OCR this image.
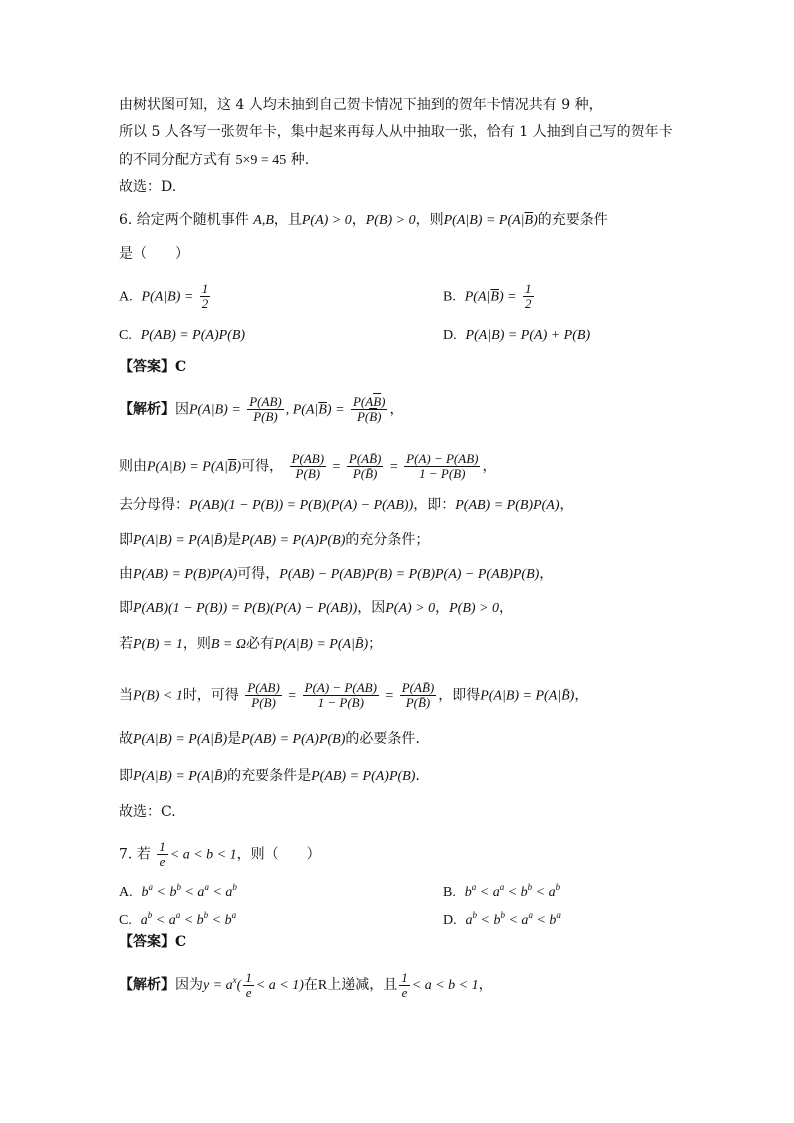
由树状图可知，这 4 人均未抽到自己贺卡情况下抽到的贺年卡情况共有 9 种，
所以 5 人各写一张贺年卡，集中起来再每人从中抽取一张，恰有 1 人抽到自己写的贺年卡
的不同分配方式有 5×9 = 45 种.
故选：D.
6. 给定两个随机事件 A,B，且P(A) > 0，P(B) > 0，则$P(A|B) = P(A|\overline{B})$的充要条件
是（　　）
A. $P(A|B) = \frac{1}{2}$	B. $P(A|\overline{B}) = \frac{1}{2}$
C. P(AB) = P(A)P(B)	D. P(A|B) = P(A) + P(B)
【答案】C
【解析】因$P(A|B) = \frac{P(AB)}{P(B)}$ , $P(A|\overline{B}) = \frac{P(A\overline{B})}{P(\overline{B})}$ ，
则由$P(A|B) = P(A|\overline{B})$可得， $\frac{P(AB)}{P(B)} = \frac{P(AB̄)}{P(B̄)} = \frac{P(A) - P(AB)}{1 - P(B)}$ ，
去分母得：P(AB)(1 − P(B)) = P(B)(P(A) − P(AB))，即：P(AB) = P(B)P(A)，
即P(A|B) = P(A|B̄)是P(AB) = P(A)P(B)的充分条件；
由P(AB) = P(B)P(A)可得，P(AB) − P(AB)P(B) = P(B)P(A) − P(AB)P(B)，
即P(AB)(1 − P(B)) = P(B)(P(A) − P(AB))，因P(A) > 0，P(B) > 0，
若P(B) = 1，则B = Ω必有P(A|B) = P(A|B̄)；
当P(B) < 1时，可得 $\frac{P(AB)}{P(B)} = \frac{P(A) - P(AB)}{1 - P(B)} = \frac{P(AB̄)}{P(B̄)}$ ，即得P(A|B) = P(A|B̄)，
故P(A|B) = P(A|B̄)是P(AB) = P(A)P(B)的必要条件.
即P(A|B) = P(A|B̄)的充要条件是P(AB) = P(A)P(B).
故选：C.
7. 若 $\frac{1}{e} < a < b < 1$，则（　　）
A. $b^a < b^b < a^a < a^b$	B. $b^a < a^a < b^b < a^b$
C. $a^b < a^a < b^b < b^a$	D. $a^b < b^b < a^a < b^a$
【答案】C
【解析】因为$y = a^x( \frac{1}{e} < a < 1)$在R上递减，且 $\frac{1}{e} < a < b < 1$，
